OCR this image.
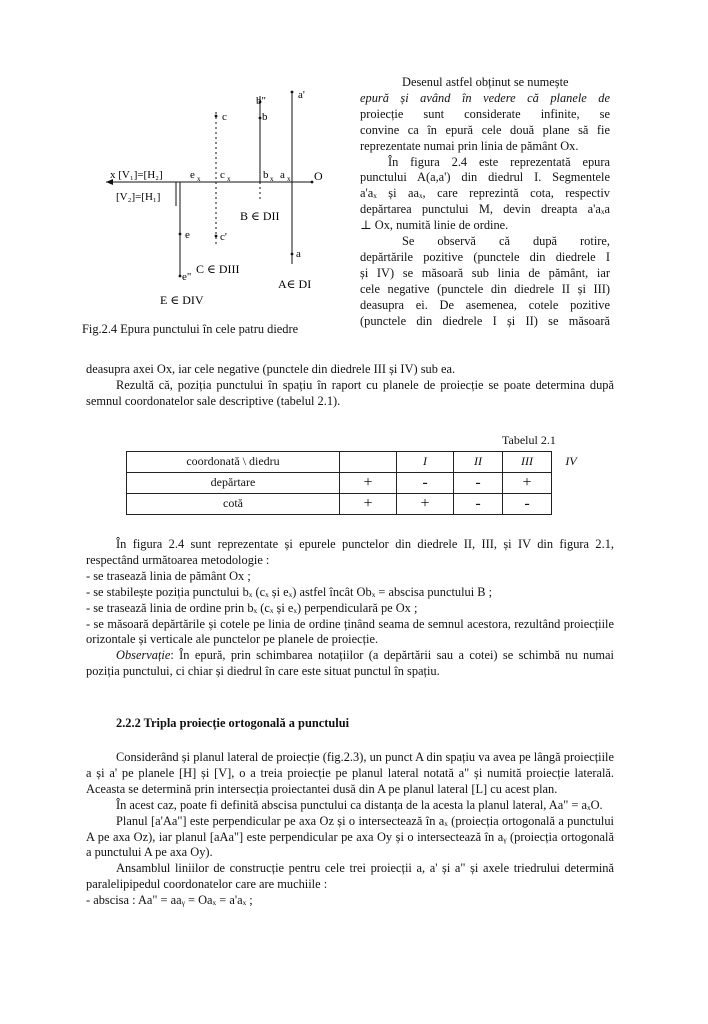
a'
b"
b
c
x [V₁]=[H₂]
[V₂]=[H₁]
e x c x	b x a x O
B ∈ DII
e	c'
a
e"
C ∈ DIII
A∈ DI
E ∈ DIV
Fig.2.4 Epura punctului în cele patru diedre

Desenul astfel obținut se numește

epură și având în vedere că planele de

proiecție sunt considerate infinite, se

convine ca în epură cele două plane să fie

reprezentate numai prin linia de pământ Ox.

În figura 2.4 este reprezentată epura

punctului A(a,a') din diedrul I. Segmentele

a'aₓ și aaₓ, care reprezintă cota, respectiv

depărtarea punctului M, devin dreapta a'aₓa

⊥ Ox, numită linie de ordine.

Se observă că după rotire,

depărtările pozitive (punctele din diedrele I

și IV) se măsoară sub linia de pământ, iar

cele negative (punctele din diedrele II și III)

deasupra ei. De asemenea, cotele pozitive

(punctele din diedrele I și II) se măsoară

deasupra axei Ox, iar cele negative (punctele din diedrele III și IV) sub ea.

Rezultă că, poziția punctului în spațiu în raport cu planele de proiecție se poate determina după semnul coordonatelor sale descriptive (tabelul 2.1).

Tabelul 2.1
coordonată \ diedru		I	II	III	IV
depărtare	+	-	-	+	
cotă	+	+	-	-	

În figura 2.4 sunt reprezentate și epurele punctelor din diedrele II, III, și IV din figura 2.1, respectând următoarea metodologie :

- se trasează linia de pământ Ox ;

- se stabilește poziția punctului bₓ (cₓ și eₓ) astfel încât Obₓ = abscisa punctului B ;

- se trasează linia de ordine prin bₓ (cₓ și eₓ) perpendiculară pe Ox ;

- se măsoară depărtările și cotele pe linia de ordine ținând seama de semnul acestora, rezultând proiecțiile orizontale și verticale ale punctelor pe planele de proiecție.

Observație: În epură, prin schimbarea notațiilor (a depărtării sau a cotei) se schimbă nu numai poziția punctului, ci chiar și diedrul în care este situat punctul în spațiu.

2.2.2 Tripla proiecție ortogonală a punctului

Considerând și planul lateral de proiecție (fig.2.3), un punct A din spațiu va avea pe lângă proiecțiile a și a' pe planele [H] și [V], o a treia proiecție pe planul lateral notată a" și numită proiecție laterală. Aceasta se determină prin intersecția proiectantei dusă din A pe planul lateral [L] cu acest plan.

În acest caz, poate fi definită abscisa punctului ca distanța de la acesta la planul lateral, Aa" = aₓO.

Planul [a'Aa"] este perpendicular pe axa Oz și o intersectează în aₓ (proiecția ortogonală a punctului A pe axa Oz), iar planul [aAa"] este perpendicular pe axa Oy și o intersectează în aᵧ (proiecția ortogonală a punctului A pe axa Oy).

Ansamblul liniilor de construcție pentru cele trei proiecții a, a' și a" și axele triedrului determină paralelipipedul coordonatelor care are muchiile :

- abscisa : Aa" = aaᵧ = Oaₓ = a'aₓ ;
